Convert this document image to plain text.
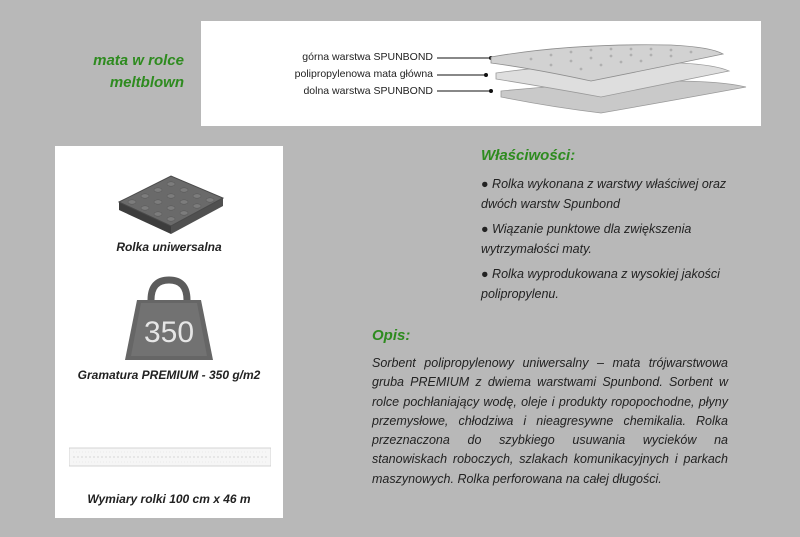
mata w rolce
meltblown
górna warstwa SPUNBOND
polipropylenowa mata główna
dolna warstwa SPUNBOND
Rolka uniwersalna
350
Gramatura PREMIUM - 350 g/m2
Wymiary rolki 100 cm x 46 m
Właściwości:
● Rolka wykonana z warstwy właściwej oraz dwóch warstw Spunbond
● Wiązanie punktowe dla zwiększenia wytrzymałości maty.
● Rolka wyprodukowana z wysokiej jakości polipropylenu.
Opis:

Sorbent polipropylenowy uniwersalny – mata trójwarstwowa gruba PREMIUM z dwiema warstwami Spunbond. Sorbent w rolce pochłaniający wodę, oleje i produkty ropopochodne, płyny przemysłowe, chłodziwa i nieagresywne chemikalia. Rolka przeznaczona do szybkiego usuwania wycieków na stanowiskach roboczych, szlakach komunikacyjnych i parkach maszynowych. Rolka perforowana na całej długości.
